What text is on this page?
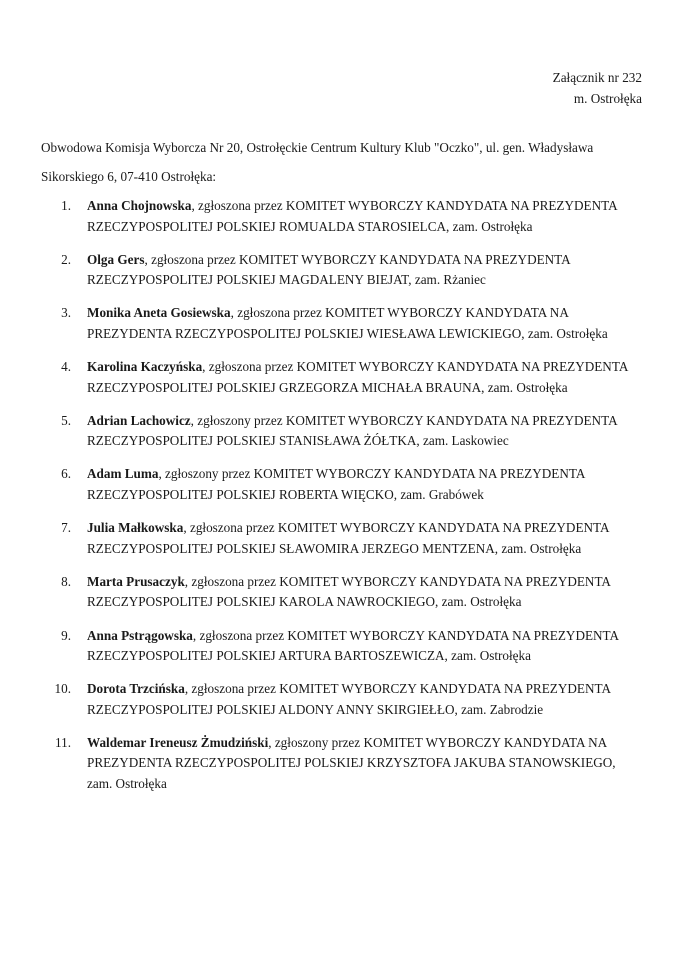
Załącznik nr 232
m. Ostrołęka

Obwodowa Komisja Wyborcza Nr 20, Ostrołęckie Centrum Kultury Klub "Oczko", ul. gen. Władysława Sikorskiego 6, 07-410 Ostrołęka:

1. Anna Chojnowska, zgłoszona przez KOMITET WYBORCZY KANDYDATA NA PREZYDENTA RZECZYPOSPOLITEJ POLSKIEJ ROMUALDA STAROSIELCA, zam. Ostrołęka
2. Olga Gers, zgłoszona przez KOMITET WYBORCZY KANDYDATA NA PREZYDENTA RZECZYPOSPOLITEJ POLSKIEJ MAGDALENY BIEJAT, zam. Rżaniec
3. Monika Aneta Gosiewska, zgłoszona przez KOMITET WYBORCZY KANDYDATA NA PREZYDENTA RZECZYPOSPOLITEJ POLSKIEJ WIESŁAWA LEWICKIEGO, zam. Ostrołęka
4. Karolina Kaczyńska, zgłoszona przez KOMITET WYBORCZY KANDYDATA NA PREZYDENTA RZECZYPOSPOLITEJ POLSKIEJ GRZEGORZA MICHAŁA BRAUNA, zam. Ostrołęka
5. Adrian Lachowicz, zgłoszony przez KOMITET WYBORCZY KANDYDATA NA PREZYDENTA RZECZYPOSPOLITEJ POLSKIEJ STANISŁAWA ŻÓŁTKA, zam. Laskowiec
6. Adam Luma, zgłoszony przez KOMITET WYBORCZY KANDYDATA NA PREZYDENTA RZECZYPOSPOLITEJ POLSKIEJ ROBERTA WIĘCKO, zam. Grabówek
7. Julia Małkowska, zgłoszona przez KOMITET WYBORCZY KANDYDATA NA PREZYDENTA RZECZYPOSPOLITEJ POLSKIEJ SŁAWOMIRA JERZEGO MENTZENA, zam. Ostrołęka
8. Marta Prusaczyk, zgłoszona przez KOMITET WYBORCZY KANDYDATA NA PREZYDENTA RZECZYPOSPOLITEJ POLSKIEJ KAROLA NAWROCKIEGO, zam. Ostrołęka
9. Anna Pstrągowska, zgłoszona przez KOMITET WYBORCZY KANDYDATA NA PREZYDENTA RZECZYPOSPOLITEJ POLSKIEJ ARTURA BARTOSZEWICZA, zam. Ostrołęka
10. Dorota Trzcińska, zgłoszona przez KOMITET WYBORCZY KANDYDATA NA PREZYDENTA RZECZYPOSPOLITEJ POLSKIEJ ALDONY ANNY SKIRGIEŁŁO, zam. Zabrodzie
11. Waldemar Ireneusz Żmudziński, zgłoszony przez KOMITET WYBORCZY KANDYDATA NA PREZYDENTA RZECZYPOSPOLITEJ POLSKIEJ KRZYSZTOFA JAKUBA STANOWSKIEGO, zam. Ostrołęka
